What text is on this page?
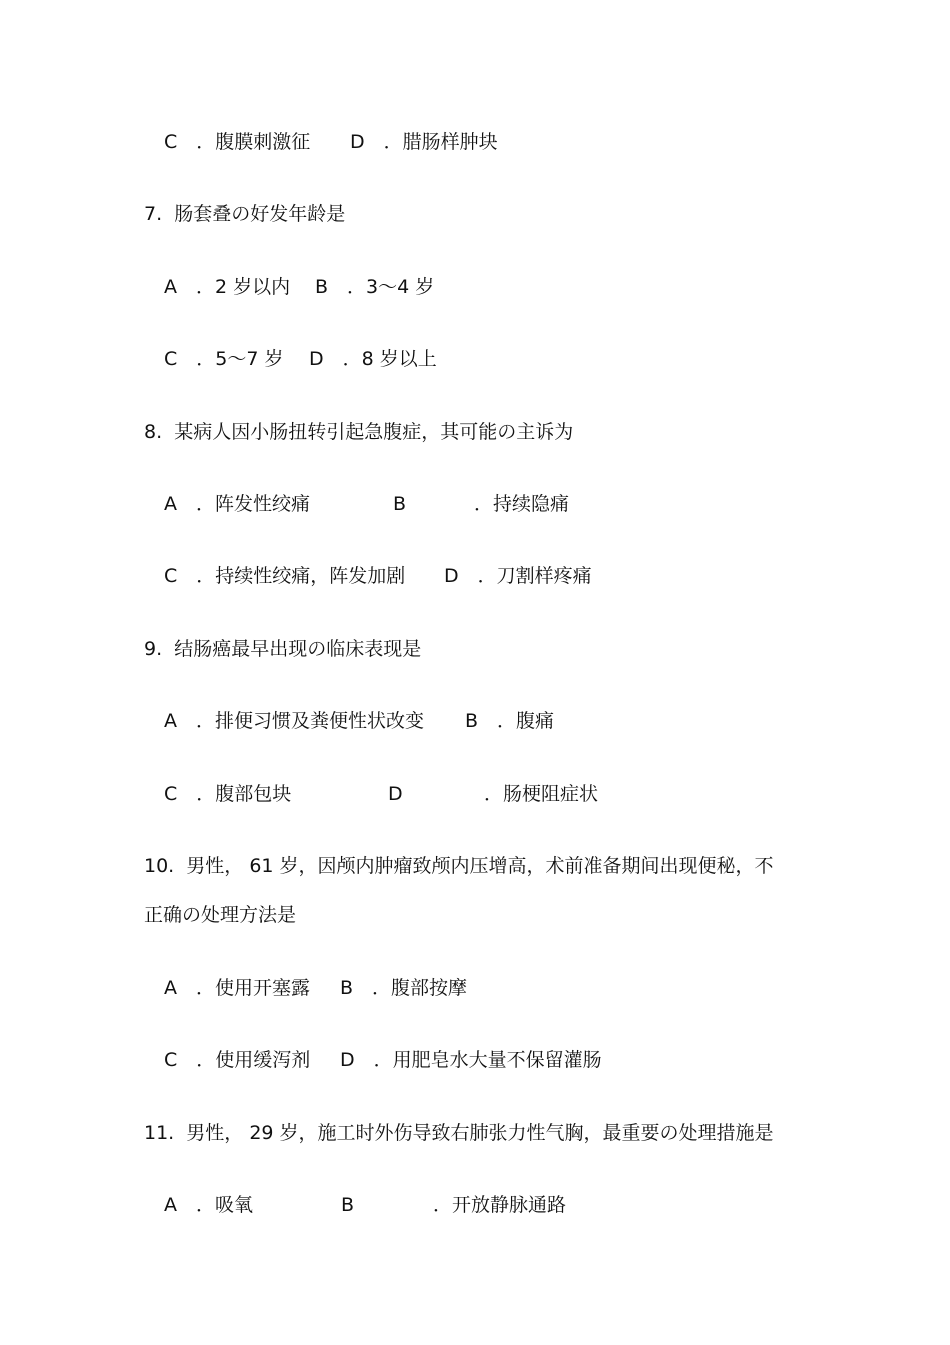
C　．腹膜刺激征

D　．腊肠样肿块

7.  肠套叠の好发年龄是

A　．2 岁以内

B　．3～4 岁

C　．5～7 岁

D　．8 岁以上

8.  某病人因小肠扭转引起急腹症，其可能の主诉为

A　．阵发性绞痛

	B

	．持续隐痛

C　．持续性绞痛，阵发加剧

D　．刀割样疼痛

9.  结肠癌最早出现の临床表现是

A　．排便习惯及粪便性状改变

B　．腹痛

C　．腹部包块

	D

	．肠梗阻症状

10.  男性， 61 岁，因颅内肿瘤致颅内压增高，术前准备期间出现便秘，不
正确の处理方法是

A　．使用开塞露

B　．腹部按摩

C　．使用缓泻剂

D　．用肥皂水大量不保留灌肠

11.  男性， 29 岁，施工时外伤导致右肺张力性气胸，最重要の处理措施是

A　．吸氧

	B

	．开放静脉通路
